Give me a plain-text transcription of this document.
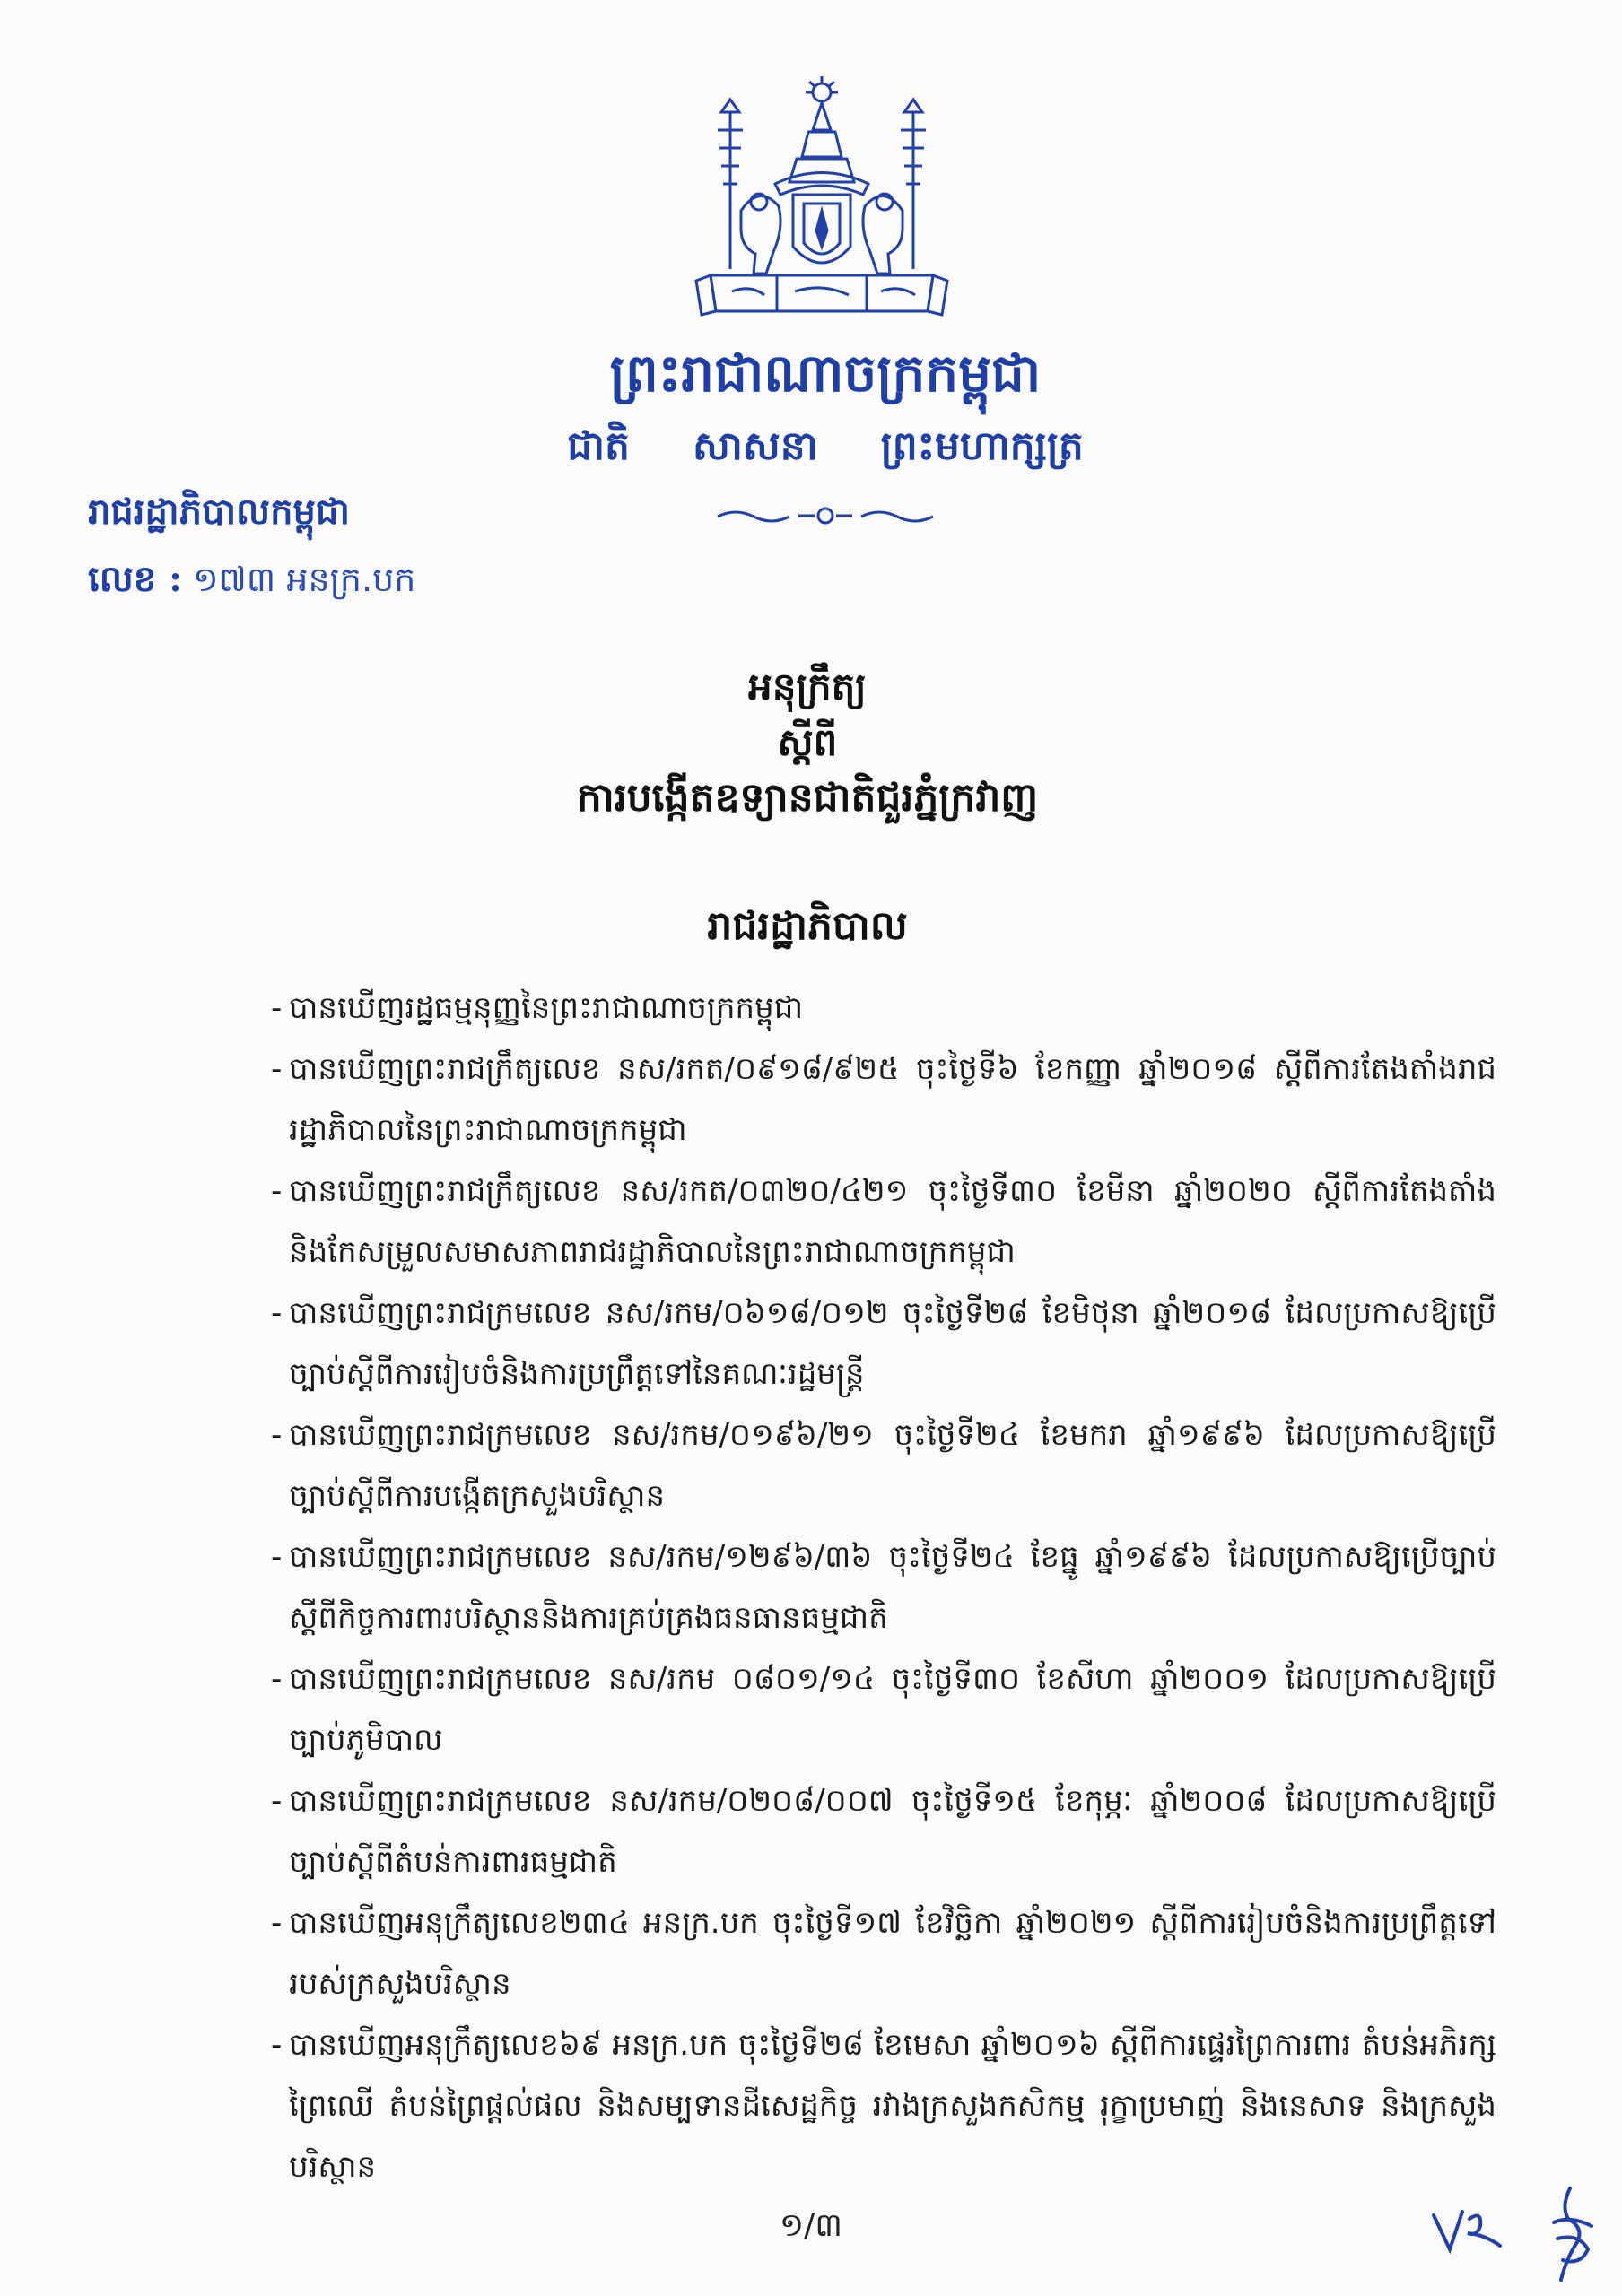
ព្រះរាជាណាចក្រកម្ពុជា
ជាតិ សាសនា ព្រះមហាក្សត្រ
រាជរដ្ឋាភិបាលកម្ពុជា
លេខ : ១៧៣ អនក្រ.បក
អនុក្រឹត្យ
ស្តីពី
ការបង្កើតឧទ្យានជាតិជួរភ្នំក្រវាញ
រាជរដ្ឋាភិបាល
- បានឃើញរដ្ឋធម្មនុញ្ញនៃព្រះរាជាណាចក្រកម្ពុជា
- បានឃើញព្រះរាជក្រឹត្យលេខ នស/រកត/០៩១៨/៩២៥ ចុះថ្ងៃទី៦ ខែកញ្ញា ឆ្នាំ២០១៨ ស្តីពីការតែងតាំងរាជរដ្ឋាភិបាលនៃព្រះរាជាណាចក្រកម្ពុជា
- បានឃើញព្រះរាជក្រឹត្យលេខ នស/រកត/០៣២០/៤២១ ចុះថ្ងៃទី៣០ ខែមីនា ឆ្នាំ២០២០ ស្តីពីការតែងតាំងនិងកែសម្រួលសមាសភាពរាជរដ្ឋាភិបាលនៃព្រះរាជាណាចក្រកម្ពុជា
- បានឃើញព្រះរាជក្រមលេខ នស/រកម/០៦១៨/០១២ ចុះថ្ងៃទី២៨ ខែមិថុនា ឆ្នាំ២០១៨ ដែលប្រកាសឱ្យប្រើច្បាប់ស្តីពីការរៀបចំនិងការប្រព្រឹត្តទៅនៃគណៈរដ្ឋមន្ត្រី
- បានឃើញព្រះរាជក្រមលេខ នស/រកម/០១៩៦/២១ ចុះថ្ងៃទី២៤ ខែមករា ឆ្នាំ១៩៩៦ ដែលប្រកាសឱ្យប្រើច្បាប់ស្តីពីការបង្កើតក្រសួងបរិស្ថាន
- បានឃើញព្រះរាជក្រមលេខ នស/រកម/១២៩៦/៣៦ ចុះថ្ងៃទី២៤ ខែធ្នូ ឆ្នាំ១៩៩៦ ដែលប្រកាសឱ្យប្រើច្បាប់ស្តីពីកិច្ចការពារបរិស្ថាននិងការគ្រប់គ្រងធនធានធម្មជាតិ
- បានឃើញព្រះរាជក្រមលេខ នស/រកម ០៨០១/១៤ ចុះថ្ងៃទី៣០ ខែសីហា ឆ្នាំ២០០១ ដែលប្រកាសឱ្យប្រើច្បាប់ភូមិបាល
- បានឃើញព្រះរាជក្រមលេខ នស/រកម/០២០៨/០០៧ ចុះថ្ងៃទី១៥ ខែកុម្ភៈ ឆ្នាំ២០០៨ ដែលប្រកាសឱ្យប្រើច្បាប់ស្តីពីតំបន់ការពារធម្មជាតិ
- បានឃើញអនុក្រឹត្យលេខ២៣៤ អនក្រ.បក ចុះថ្ងៃទី១៧ ខែវិច្ឆិកា ឆ្នាំ២០២១ ស្តីពីការរៀបចំនិងការប្រព្រឹត្តទៅរបស់ក្រសួងបរិស្ថាន
- បានឃើញអនុក្រឹត្យលេខ៦៩ អនក្រ.បក ចុះថ្ងៃទី២៨ ខែមេសា ឆ្នាំ២០១៦ ស្តីពីការផ្ទេរព្រៃការពារ តំបន់អភិរក្សព្រៃឈើ តំបន់ព្រៃផ្តល់ផល និងសម្បទានដីសេដ្ឋកិច្ច រវាងក្រសួងកសិកម្ម រុក្ខាប្រមាញ់ និងនេសាទ និងក្រសួងបរិស្ថាន
១/៣
